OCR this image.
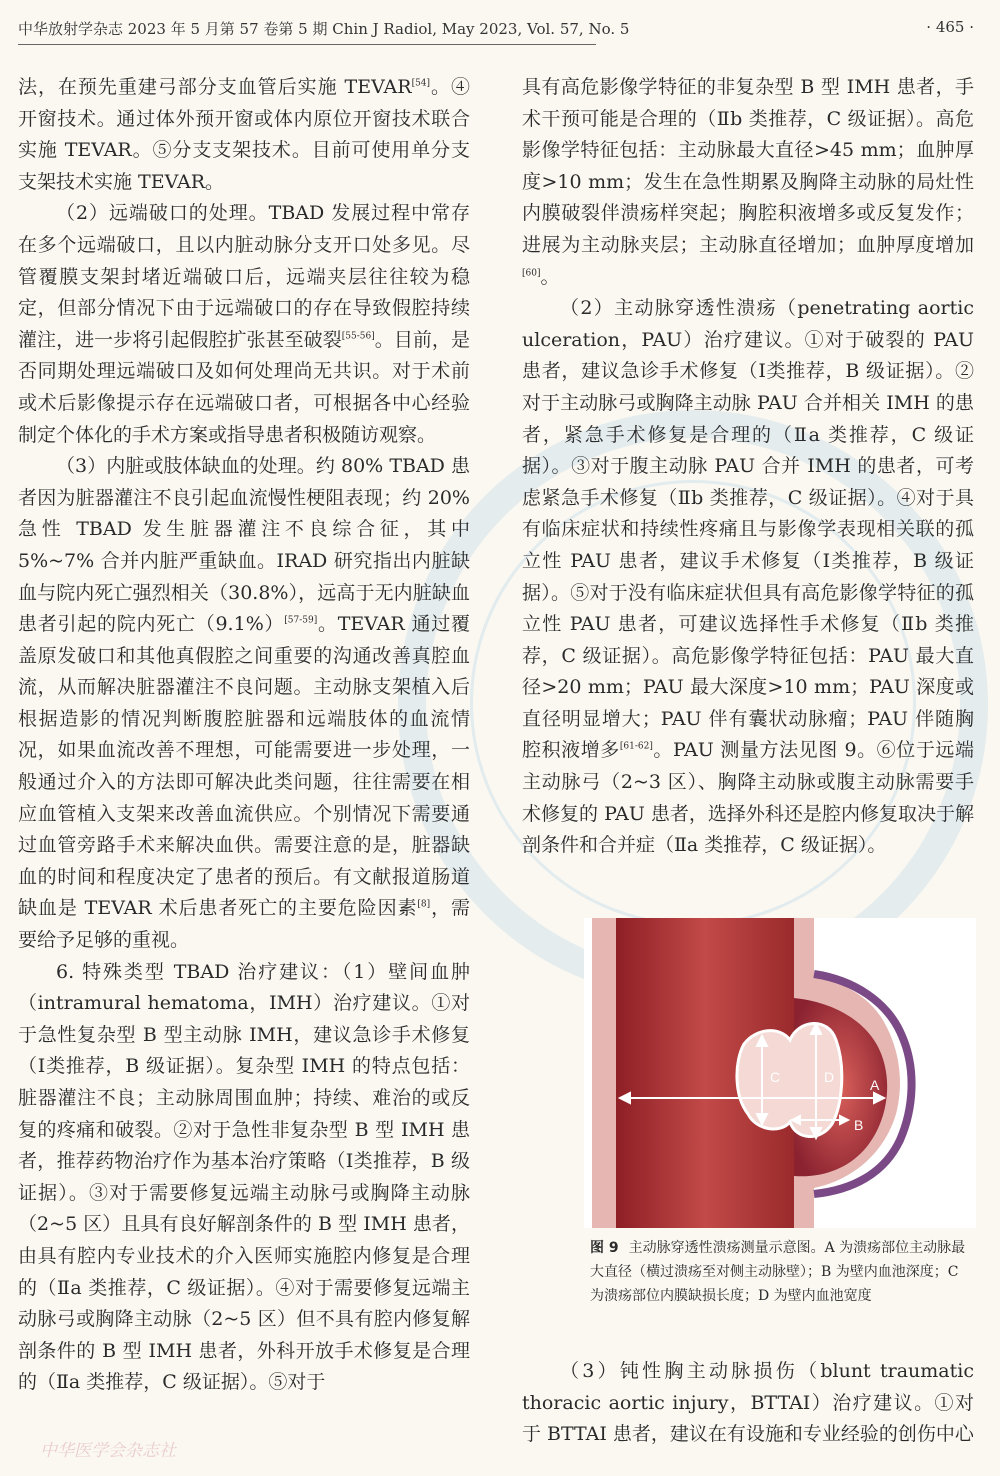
中华放射学杂志 2023 年 5 月第 57 卷第 5 期 Chin J Radiol, May 2023, Vol. 57, No. 5	· 465 ·

法，在预先重建弓部分支血管后实施 TEVAR[54]。④开窗技术。通过体外预开窗或体内原位开窗技术联合实施 TEVAR。⑤分支支架技术。目前可使用单分支支架技术实施 TEVAR。

（2）远端破口的处理。TBAD 发展过程中常存在多个远端破口，且以内脏动脉分支开口处多见。尽管覆膜支架封堵近端破口后，远端夹层往往较为稳定，但部分情况下由于远端破口的存在导致假腔持续灌注，进一步将引起假腔扩张甚至破裂[55-56]。目前，是否同期处理远端破口及如何处理尚无共识。对于术前或术后影像提示存在远端破口者，可根据各中心经验制定个体化的手术方案或指导患者积极随访观察。

（3）内脏或肢体缺血的处理。约 80% TBAD 患者因为脏器灌注不良引起血流慢性梗阻表现；约 20% 急性 TBAD 发生脏器灌注不良综合征，其中 5%~7% 合并内脏严重缺血。IRAD 研究指出内脏缺血与院内死亡强烈相关（30.8%），远高于无内脏缺血患者引起的院内死亡（9.1%）[57-59]。TEVAR 通过覆盖原发破口和其他真假腔之间重要的沟通改善真腔血流，从而解决脏器灌注不良问题。主动脉支架植入后根据造影的情况判断腹腔脏器和远端肢体的血流情况，如果血流改善不理想，可能需要进一步处理，一般通过介入的方法即可解决此类问题，往往需要在相应血管植入支架来改善血流供应。个别情况下需要通过血管旁路手术来解决血供。需要注意的是，脏器缺血的时间和程度决定了患者的预后。有文献报道肠道缺血是 TEVAR 术后患者死亡的主要危险因素[8]，需要给予足够的重视。

6. 特殊类型 TBAD 治疗建议：（1）壁间血肿（intramural hematoma，IMH）治疗建议。①对于急性复杂型 B 型主动脉 IMH，建议急诊手术修复（Ⅰ类推荐，B 级证据）。复杂型 IMH 的特点包括：脏器灌注不良；主动脉周围血肿；持续、难治的或反复的疼痛和破裂。②对于急性非复杂型 B 型 IMH 患者，推荐药物治疗作为基本治疗策略（Ⅰ类推荐，B 级证据）。③对于需要修复远端主动脉弓或胸降主动脉（2~5 区）且具有良好解剖条件的 B 型 IMH 患者，由具有腔内专业技术的介入医师实施腔内修复是合理的（Ⅱa 类推荐，C 级证据）。④对于需要修复远端主动脉弓或胸降主动脉（2~5 区）但不具有腔内修复解剖条件的 B 型 IMH 患者，外科开放手术修复是合理的（Ⅱa 类推荐，C 级证据）。⑤对于

具有高危影像学特征的非复杂型 B 型 IMH 患者，手术干预可能是合理的（Ⅱb 类推荐，C 级证据）。高危影像学特征包括：主动脉最大直径>45 mm；血肿厚度>10 mm；发生在急性期累及胸降主动脉的局灶性内膜破裂伴溃疡样突起；胸腔积液增多或反复发作；进展为主动脉夹层；主动脉直径增加；血肿厚度增加[60]。

（2）主动脉穿透性溃疡（penetrating aortic ulceration，PAU）治疗建议。①对于破裂的 PAU 患者，建议急诊手术修复（Ⅰ类推荐，B 级证据）。②对于主动脉弓或胸降主动脉 PAU 合并相关 IMH 的患者，紧急手术修复是合理的（Ⅱa 类推荐，C 级证据）。③对于腹主动脉 PAU 合并 IMH 的患者，可考虑紧急手术修复（Ⅱb 类推荐，C 级证据）。④对于具有临床症状和持续性疼痛且与影像学表现相关联的孤立性 PAU 患者，建议手术修复（Ⅰ类推荐，B 级证据）。⑤对于没有临床症状但具有高危影像学特征的孤立性 PAU 患者，可建议选择性手术修复（Ⅱb 类推荐，C 级证据）。高危影像学特征包括：PAU 最大直径>20 mm；PAU 最大深度>10 mm；PAU 深度或直径明显增大；PAU 伴有囊状动脉瘤；PAU 伴随胸腔积液增多[61-62]。PAU 测量方法见图 9。⑥位于远端主动脉弓（2~3 区）、胸降主动脉或腹主动脉需要手术修复的 PAU 患者，选择外科还是腔内修复取决于解剖条件和合并症（Ⅱa 类推荐，C 级证据）。

C	D	A
B
图 9 主动脉穿透性溃疡测量示意图。A 为溃疡部位主动脉最大直径（横过溃疡至对侧主动脉壁）；B 为壁内血池深度；C 为溃疡部位内膜缺损长度；D 为壁内血池宽度

（3）钝性胸主动脉损伤（blunt traumatic thoracic aortic injury，BTTAI）治疗建议。①对于 BTTAI 患者，建议在有设施和专业经验的创伤中心

中华医学会杂志社
